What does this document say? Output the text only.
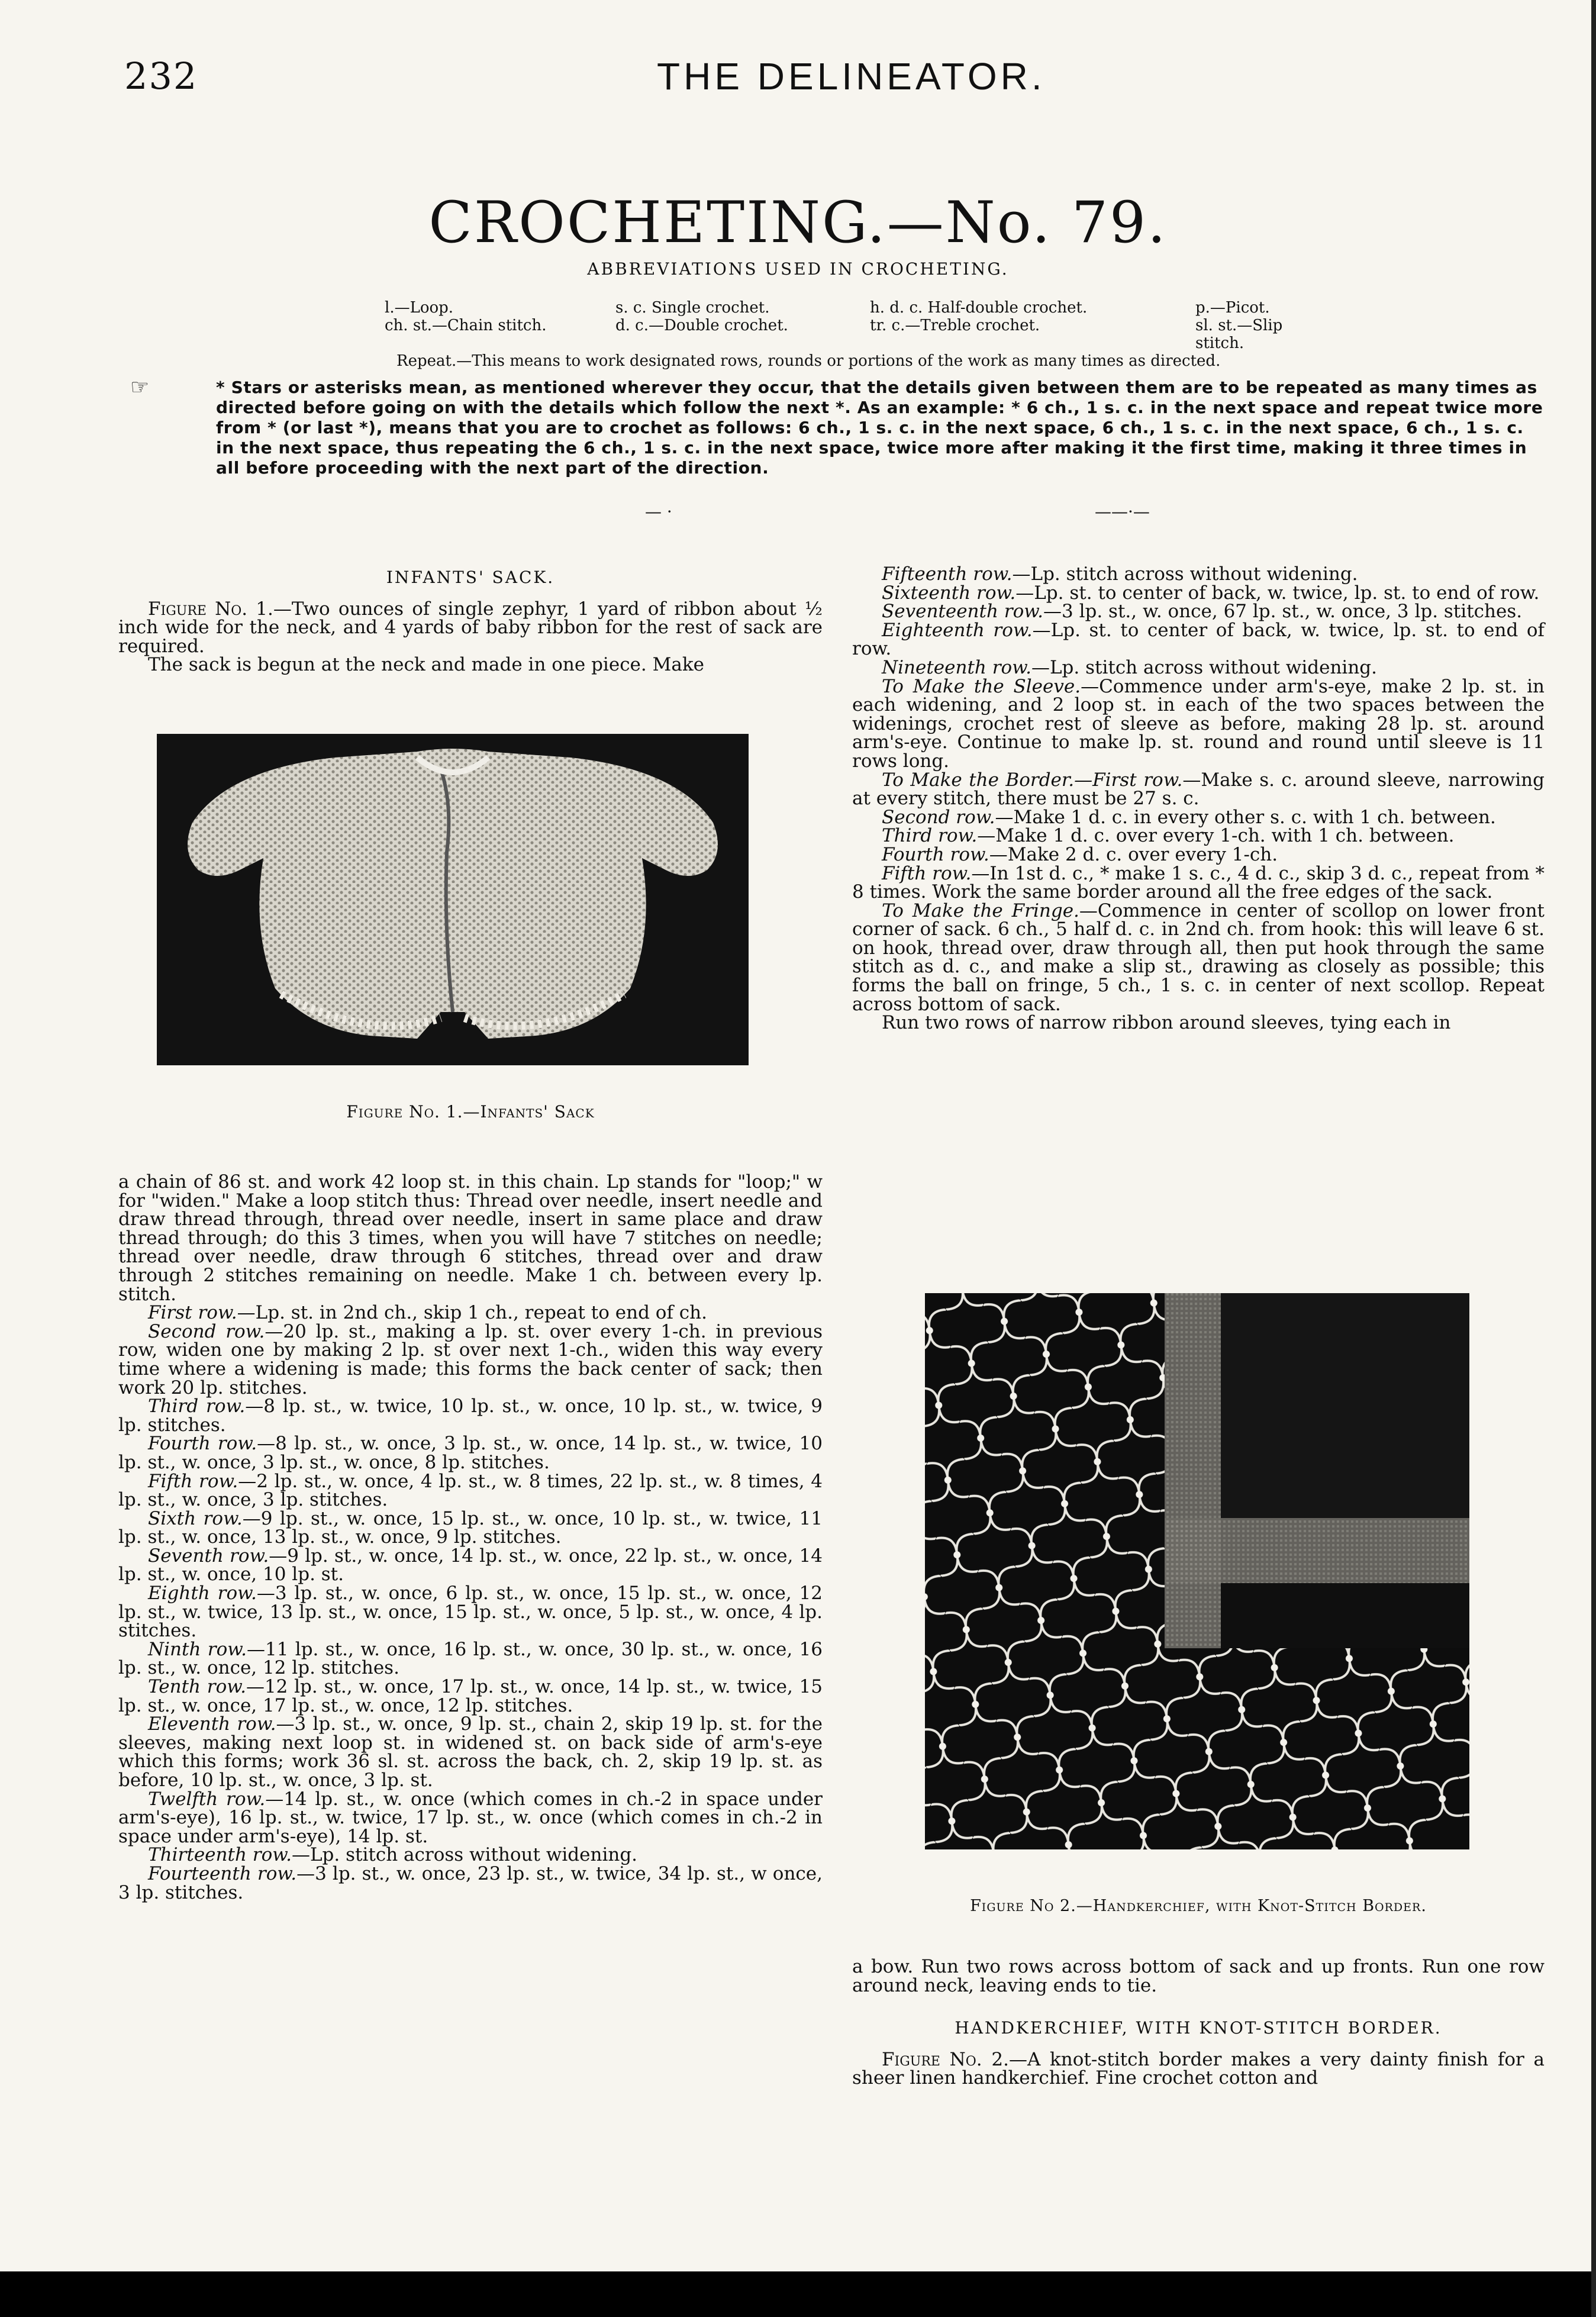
232	THE DELINEATOR.
CROCHETING.—No. 79.
ABBREVIATIONS USED IN CROCHETING.
l.—Loop.	s. c. Single crochet.	h. d. c. Half-double crochet.	p.—Picot.
ch. st.—Chain stitch.	d. c.—Double crochet.	tr. c.—Treble crochet.	sl. st.—Slip stitch.
Repeat.—This means to work designated rows, rounds or portions of the work as many times as directed.
☞	* Stars or asterisks mean, as mentioned wherever they occur, that the details given between them are to be repeated as many times as directed before going on with the details which follow the next *. As an example: * 6 ch., 1 s. c. in the next space and repeat twice more from * (or last *), means that you are to crochet as follows: 6 ch., 1 s. c. in the next space, 6 ch., 1 s. c. in the next space, 6 ch., 1 s. c. in the next space, thus repeating the 6 ch., 1 s. c. in the next space, twice more after making it the first time, making it three times in all before proceeding with the next part of the direction.
— ·	——·—

INFANTS' SACK.

Figure No. 1.—Two ounces of single zephyr, 1 yard of ribbon about ½ inch wide for the neck, and 4 yards of baby ribbon for the rest of sack are required.

The sack is begun at the neck and made in one piece. Make

Figure No. 1.—Infants' Sack

a chain of 86 st. and work 42 loop st. in this chain. Lp stands for "loop;" w for "widen." Make a loop stitch thus: Thread over needle, insert needle and draw thread through, thread over needle, insert in same place and draw thread through; do this 3 times, when you will have 7 stitches on needle; thread over needle, draw through 6 stitches, thread over and draw through 2 stitches remaining on needle. Make 1 ch. between every lp. stitch.

First row.—Lp. st. in 2nd ch., skip 1 ch., repeat to end of ch.

Second row.—20 lp. st., making a lp. st. over every 1-ch. in previous row, widen one by making 2 lp. st over next 1-ch., widen this way every time where a widening is made; this forms the back center of sack; then work 20 lp. stitches.

Third row.—8 lp. st., w. twice, 10 lp. st., w. once, 10 lp. st., w. twice, 9 lp. stitches.

Fourth row.—8 lp. st., w. once, 3 lp. st., w. once, 14 lp. st., w. twice, 10 lp. st., w. once, 3 lp. st., w. once, 8 lp. stitches.

Fifth row.—2 lp. st., w. once, 4 lp. st., w. 8 times, 22 lp. st., w. 8 times, 4 lp. st., w. once, 3 lp. stitches.

Sixth row.—9 lp. st., w. once, 15 lp. st., w. once, 10 lp. st., w. twice, 11 lp. st., w. once, 13 lp. st., w. once, 9 lp. stitches.

Seventh row.—9 lp. st., w. once, 14 lp. st., w. once, 22 lp. st., w. once, 14 lp. st., w. once, 10 lp. st.

Eighth row.—3 lp. st., w. once, 6 lp. st., w. once, 15 lp. st., w. once, 12 lp. st., w. twice, 13 lp. st., w. once, 15 lp. st., w. once, 5 lp. st., w. once, 4 lp. stitches.

Ninth row.—11 lp. st., w. once, 16 lp. st., w. once, 30 lp. st., w. once, 16 lp. st., w. once, 12 lp. stitches.

Tenth row.—12 lp. st., w. once, 17 lp. st., w. once, 14 lp. st., w. twice, 15 lp. st., w. once, 17 lp. st., w. once, 12 lp. stitches.

Eleventh row.—3 lp. st., w. once, 9 lp. st., chain 2, skip 19 lp. st. for the sleeves, making next loop st. in widened st. on back side of arm's-eye which this forms; work 36 sl. st. across the back, ch. 2, skip 19 lp. st. as before, 10 lp. st., w. once, 3 lp. st.

Twelfth row.—14 lp. st., w. once (which comes in ch.-2 in space under arm's-eye), 16 lp. st., w. twice, 17 lp. st., w. once (which comes in ch.-2 in space under arm's-eye), 14 lp. st.

Thirteenth row.—Lp. stitch across without widening.

Fourteenth row.—3 lp. st., w. once, 23 lp. st., w. twice, 34 lp. st., w once, 3 lp. stitches.

Fifteenth row.—Lp. stitch across without widening.

Sixteenth row.—Lp. st. to center of back, w. twice, lp. st. to end of row.

Seventeenth row.—3 lp. st., w. once, 67 lp. st., w. once, 3 lp. stitches.

Eighteenth row.—Lp. st. to center of back, w. twice, lp. st. to end of row.

Nineteenth row.—Lp. stitch across without widening.

To Make the Sleeve.—Commence under arm's-eye, make 2 lp. st. in each widening, and 2 loop st. in each of the two spaces between the widenings, crochet rest of sleeve as before, making 28 lp. st. around arm's-eye. Continue to make lp. st. round and round until sleeve is 11 rows long.

To Make the Border.—First row.—Make s. c. around sleeve, narrowing at every stitch, there must be 27 s. c.

Second row.—Make 1 d. c. in every other s. c. with 1 ch. between.

Third row.—Make 1 d. c. over every 1-ch. with 1 ch. between.

Fourth row.—Make 2 d. c. over every 1-ch.

Fifth row.—In 1st d. c., * make 1 s. c., 4 d. c., skip 3 d. c., repeat from * 8 times. Work the same border around all the free edges of the sack.

To Make the Fringe.—Commence in center of scollop on lower front corner of sack. 6 ch., 5 half d. c. in 2nd ch. from hook: this will leave 6 st. on hook, thread over, draw through all, then put hook through the same stitch as d. c., and make a slip st., drawing as closely as possible; this forms the ball on fringe, 5 ch., 1 s. c. in center of next scollop. Repeat across bottom of sack.

Run two rows of narrow ribbon around sleeves, tying each in

Figure No 2.—Handkerchief, with Knot-Stitch Border.

a bow. Run two rows across bottom of sack and up fronts. Run one row around neck, leaving ends to tie.

HANDKERCHIEF, WITH KNOT-STITCH BORDER.

Figure No. 2.—A knot-stitch border makes a very dainty finish for a sheer linen handkerchief. Fine crochet cotton and
